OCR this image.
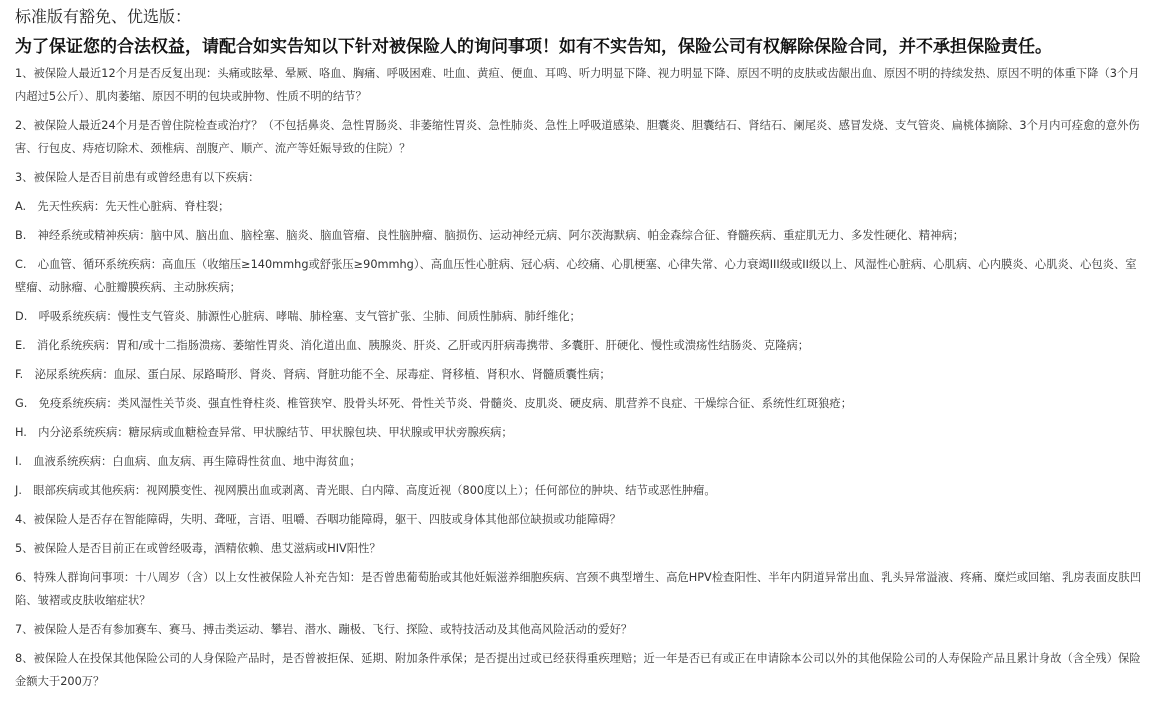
标准版有豁免、优选版：
为了保证您的合法权益，请配合如实告知以下针对被保险人的询问事项！如有不实告知，保险公司有权解除保险合同，并不承担保险责任。
1、被保险人最近12个月是否反复出现：头痛或眩晕、晕厥、咯血、胸痛、呼吸困难、吐血、黄疸、便血、耳鸣、听力明显下降、视力明显下降、原因不明的皮肤或齿龈出血、原因不明的持续发热、原因不明的体重下降（3个月内超过5公斤）、肌肉萎缩、原因不明的包块或肿物、性质不明的结节？
2、被保险人最近24个月是否曾住院检查或治疗？（不包括鼻炎、急性胃肠炎、非萎缩性胃炎、急性肺炎、急性上呼吸道感染、胆囊炎、胆囊结石、肾结石、阑尾炎、感冒发烧、支气管炎、扁桃体摘除、3个月内可痊愈的意外伤害、行包皮、痔疮切除术、颈椎病、剖腹产、顺产、流产等妊娠导致的住院）？
3、被保险人是否目前患有或曾经患有以下疾病：
A.　先天性疾病：先天性心脏病、脊柱裂；
B.　神经系统或精神疾病：脑中风、脑出血、脑栓塞、脑炎、脑血管瘤、良性脑肿瘤、脑损伤、运动神经元病、阿尔茨海默病、帕金森综合征、脊髓疾病、重症肌无力、多发性硬化、精神病；
C.　心血管、循环系统疾病：高血压（收缩压≥140mmhg或舒张压≥90mmhg）、高血压性心脏病、冠心病、心绞痛、心肌梗塞、心律失常、心力衰竭III级或II级以上、风湿性心脏病、心肌病、心内膜炎、心肌炎、心包炎、室壁瘤、动脉瘤、心脏瓣膜疾病、主动脉疾病；
D.　呼吸系统疾病：慢性支气管炎、肺源性心脏病、哮喘、肺栓塞、支气管扩张、尘肺、间质性肺病、肺纤维化；
E.　消化系统疾病：胃和/或十二指肠溃疡、萎缩性胃炎、消化道出血、胰腺炎、肝炎、乙肝或丙肝病毒携带、多囊肝、肝硬化、慢性或溃疡性结肠炎、克隆病；
F.　泌尿系统疾病：血尿、蛋白尿、尿路畸形、肾炎、肾病、肾脏功能不全、尿毒症、肾移植、肾积水、肾髓质囊性病；
G.　免疫系统疾病：类风湿性关节炎、强直性脊柱炎、椎管狭窄、股骨头坏死、骨性关节炎、骨髓炎、皮肌炎、硬皮病、肌营养不良症、干燥综合征、系统性红斑狼疮；
H.　内分泌系统疾病：糖尿病或血糖检查异常、甲状腺结节、甲状腺包块、甲状腺或甲状旁腺疾病；
I.　血液系统疾病：白血病、血友病、再生障碍性贫血、地中海贫血；
J.　眼部疾病或其他疾病：视网膜变性、视网膜出血或剥离、青光眼、白内障、高度近视（800度以上）；任何部位的肿块、结节或恶性肿瘤。
4、被保险人是否存在智能障碍，失明、聋哑，言语、咀嚼、吞咽功能障碍，躯干、四肢或身体其他部位缺损或功能障碍？
5、被保险人是否目前正在或曾经吸毒，酒精依赖、患艾滋病或HIV阳性？
6、特殊人群询问事项：十八周岁（含）以上女性被保险人补充告知：是否曾患葡萄胎或其他妊娠滋养细胞疾病、宫颈不典型增生、高危HPV检查阳性、半年内阴道异常出血、乳头异常溢液、疼痛、糜烂或回缩、乳房表面皮肤凹陷、皱褶或皮肤收缩症状？
7、被保险人是否有参加赛车、赛马、搏击类运动、攀岩、潜水、蹦极、飞行、探险、或特技活动及其他高风险活动的爱好？
8、被保险人在投保其他保险公司的人身保险产品时，是否曾被拒保、延期、附加条件承保；是否提出过或已经获得重疾理赔；近一年是否已有或正在申请除本公司以外的其他保险公司的人寿保险产品且累计身故（含全残）保险金额大于200万？
